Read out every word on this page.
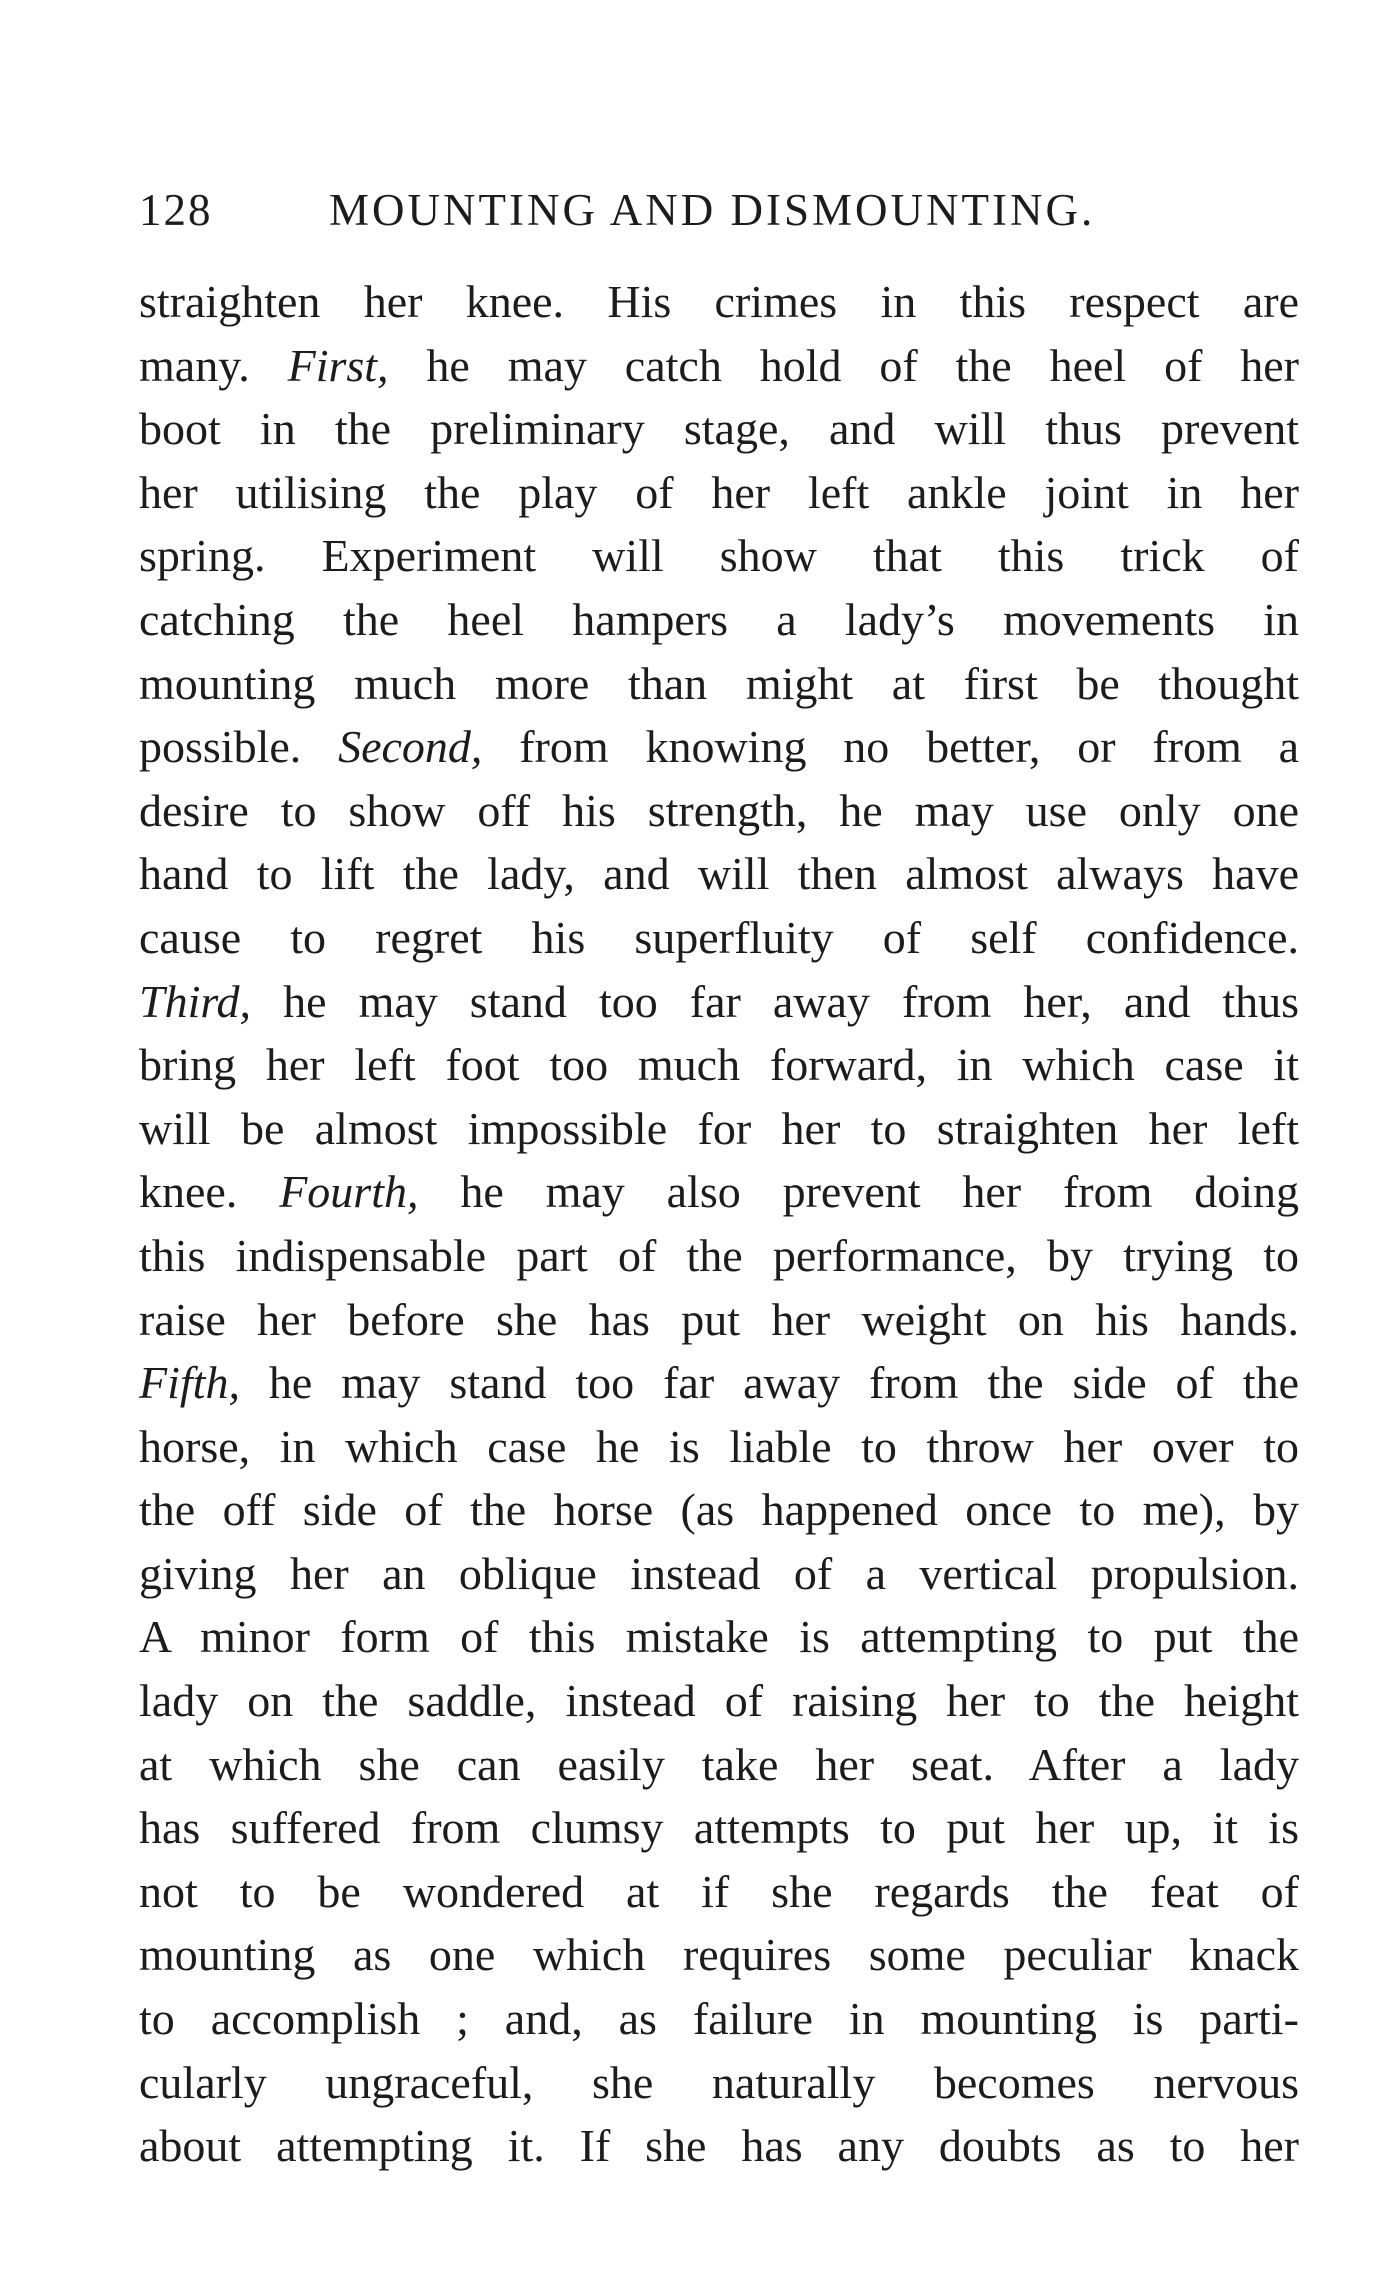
128	MOUNTING AND DISMOUNTING.
straighten her knee. His crimes in this respect are
many. First, he may catch hold of the heel of her
boot in the preliminary stage, and will thus prevent
her utilising the play of her left ankle joint in her
spring. Experiment will show that this trick of
catching the heel hampers a lady’s movements in
mounting much more than might at first be thought
possible. Second, from knowing no better, or from a
desire to show off his strength, he may use only one
hand to lift the lady, and will then almost always have
cause to regret his superfluity of self confidence.
Third, he may stand too far away from her, and thus
bring her left foot too much forward, in which case it
will be almost impossible for her to straighten her left
knee. Fourth, he may also prevent her from doing
this indispensable part of the performance, by trying to
raise her before she has put her weight on his hands.
Fifth, he may stand too far away from the side of the
horse, in which case he is liable to throw her over to
the off side of the horse (as happened once to me), by
giving her an oblique instead of a vertical propulsion.
A minor form of this mistake is attempting to put the
lady on the saddle, instead of raising her to the height
at which she can easily take her seat. After a lady
has suffered from clumsy attempts to put her up, it is
not to be wondered at if she regards the feat of
mounting as one which requires some peculiar knack
to accomplish ; and, as failure in mounting is parti-
cularly ungraceful, she naturally becomes nervous
about attempting it. If she has any doubts as to her
